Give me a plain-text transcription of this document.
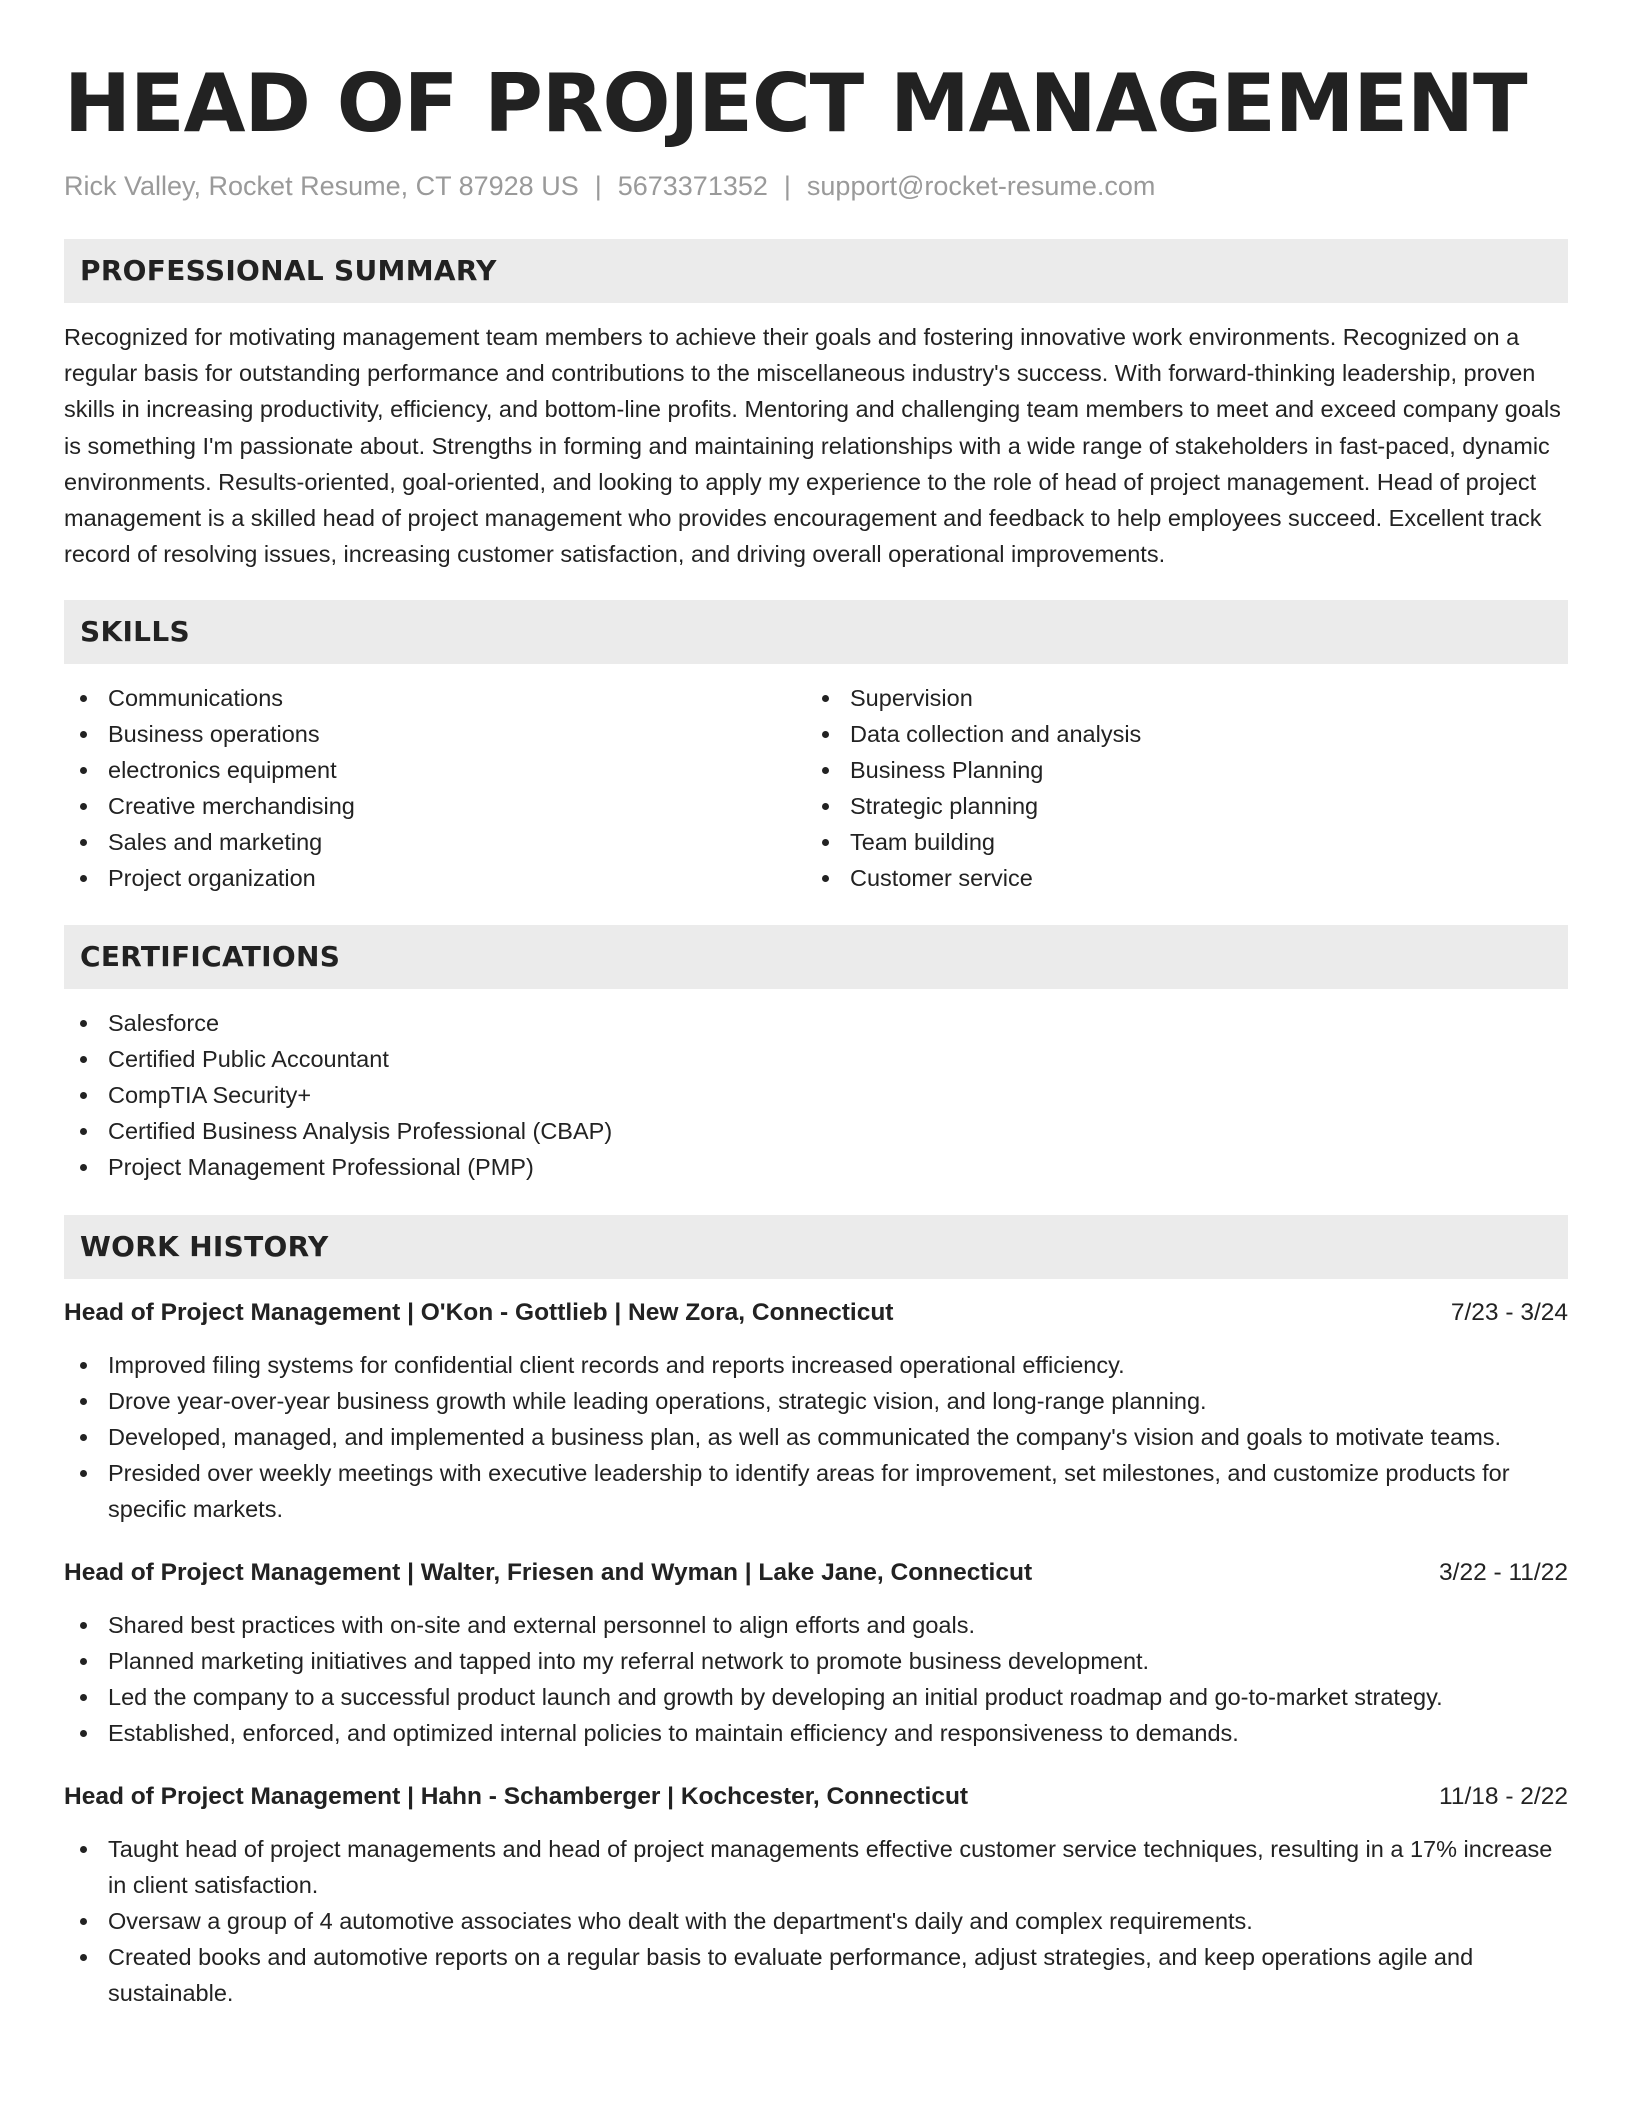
HEAD OF PROJECT MANAGEMENT
Rick Valley, Rocket Resume, CT 87928 US | 5673371352 | support@rocket-resume.com
PROFESSIONAL SUMMARY

Recognized for motivating management team members to achieve their goals and fostering innovative work environments. Recognized on a regular basis for outstanding performance and contributions to the miscellaneous industry's success. With forward-thinking leadership, proven skills in increasing productivity, efficiency, and bottom-line profits. Mentoring and challenging team members to meet and exceed company goals is something I'm passionate about. Strengths in forming and maintaining relationships with a wide range of stakeholders in fast-paced, dynamic environments. Results-oriented, goal-oriented, and looking to apply my experience to the role of head of project management. Head of project management is a skilled head of project management who provides encouragement and feedback to help employees succeed. Excellent track record of resolving issues, increasing customer satisfaction, and driving overall operational improvements.

SKILLS
Communications
Business operations
electronics equipment
Creative merchandising
Sales and marketing
Project organization
Supervision
Data collection and analysis
Business Planning
Strategic planning
Team building
Customer service
CERTIFICATIONS
Salesforce
Certified Public Accountant
CompTIA Security+
Certified Business Analysis Professional (CBAP)
Project Management Professional (PMP)
WORK HISTORY
Head of Project Management | O'Kon - Gottlieb | New Zora, Connecticut	7/23 - 3/24
Improved filing systems for confidential client records and reports increased operational efficiency.
Drove year-over-year business growth while leading operations, strategic vision, and long-range planning.
Developed, managed, and implemented a business plan, as well as communicated the company's vision and goals to motivate teams.
Presided over weekly meetings with executive leadership to identify areas for improvement, set milestones, and customize products for specific markets.
Head of Project Management | Walter, Friesen and Wyman | Lake Jane, Connecticut	3/22 - 11/22
Shared best practices with on-site and external personnel to align efforts and goals.
Planned marketing initiatives and tapped into my referral network to promote business development.
Led the company to a successful product launch and growth by developing an initial product roadmap and go-to-market strategy.
Established, enforced, and optimized internal policies to maintain efficiency and responsiveness to demands.
Head of Project Management | Hahn - Schamberger | Kochcester, Connecticut	11/18 - 2/22
Taught head of project managements and head of project managements effective customer service techniques, resulting in a 17% increase in client satisfaction.
Oversaw a group of 4 automotive associates who dealt with the department's daily and complex requirements.
Created books and automotive reports on a regular basis to evaluate performance, adjust strategies, and keep operations agile and sustainable.
